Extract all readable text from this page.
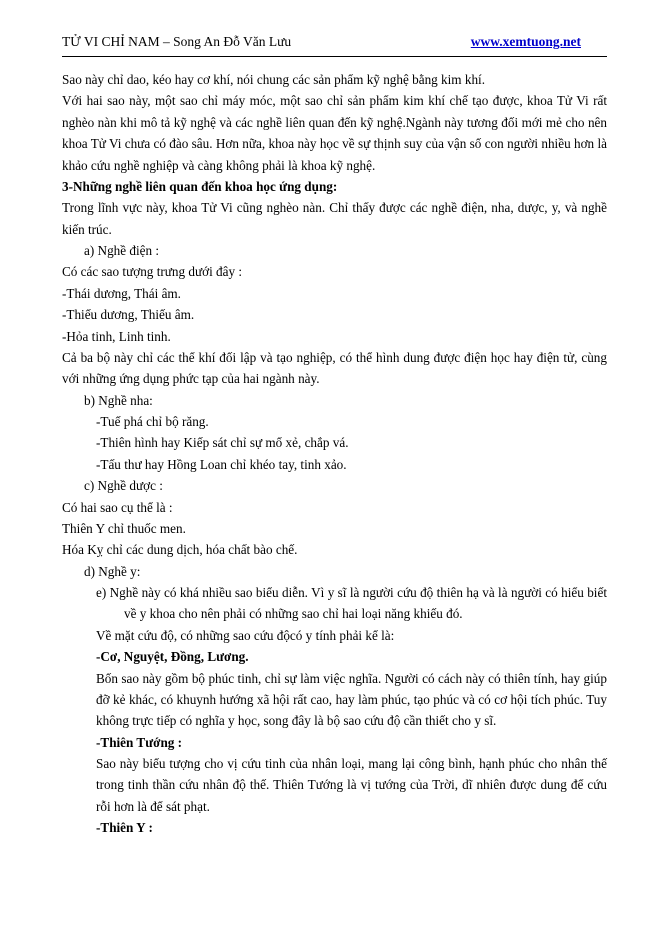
TỬ VI CHỈ NAM – Song An Đỗ Văn Lưu	www.xemtuong.net

Sao này chỉ dao, kéo hay cơ khí, nói chung các sản phẩm kỹ nghệ bằng kim khí.

Với hai sao này, một sao chỉ máy móc, một sao chỉ sản phẩm kim khí chế tạo được, khoa Tử Vi rất nghèo nàn khi mô tả kỹ nghệ và các nghề liên quan đến kỹ nghệ.Ngành này tương đối mới mẻ cho nên khoa Tử Vi chưa có đào sâu. Hơn nữa, khoa này học về sự thịnh suy của vận số con người nhiều hơn là khảo cứu nghề nghiệp và càng không phải là khoa kỹ nghệ.

3-Những nghề liên quan đến khoa học ứng dụng:

Trong lĩnh vực này, khoa Tử Vi cũng nghèo nàn. Chỉ thấy được các nghề điện, nha, dược, y, và nghề kiến trúc.

a) Nghề điện :

Có các sao tượng trưng dưới đây :

-Thái dương, Thái âm.

-Thiếu dương, Thiếu âm.

-Hỏa tinh, Linh tinh.

Cả ba bộ này chỉ các thể khí đối lập và tạo nghiệp, có thể hình dung được điện học hay điện tử, cùng với những ứng dụng phức tạp của hai ngành này.

b) Nghề nha:

-Tuế phá chỉ bộ răng.

-Thiên hình hay Kiếp sát chỉ sự mổ xẻ, chắp vá.

-Tấu thư hay Hồng Loan chỉ khéo tay, tinh xảo.

c) Nghề dược :

Có hai sao cụ thể là :

Thiên Y chỉ thuốc men.

Hóa Kỵ chỉ các dung dịch, hóa chất bào chế.

d) Nghề y:

e) Nghề này có khá nhiều sao biểu diễn. Vì y sĩ là người cứu độ thiên hạ và là người có hiểu biết về y khoa cho nên phải có những sao chỉ hai loại năng khiếu đó.

Về mặt cứu độ, có những sao cứu độcó y tính phải kể là:

-Cơ, Nguyệt, Đồng, Lương.

Bốn sao này gồm bộ phúc tinh, chỉ sự làm việc nghĩa. Người có cách này có thiên tính, hay giúp đỡ kẻ khác, có khuynh hướng xã hội rất cao, hay làm phúc, tạo phúc và có cơ hội tích phúc. Tuy không trực tiếp có nghĩa y học, song đây là bộ sao cứu độ cần thiết cho y sĩ.

-Thiên Tướng :

Sao này biểu tượng cho vị cứu tinh của nhân loại, mang lại công bình, hạnh phúc cho nhân thế trong tinh thần cứu nhân độ thế. Thiên Tướng là vị tướng của Trời, dĩ nhiên được dung để cứu rỗi hơn là để sát phạt.

-Thiên Y :
